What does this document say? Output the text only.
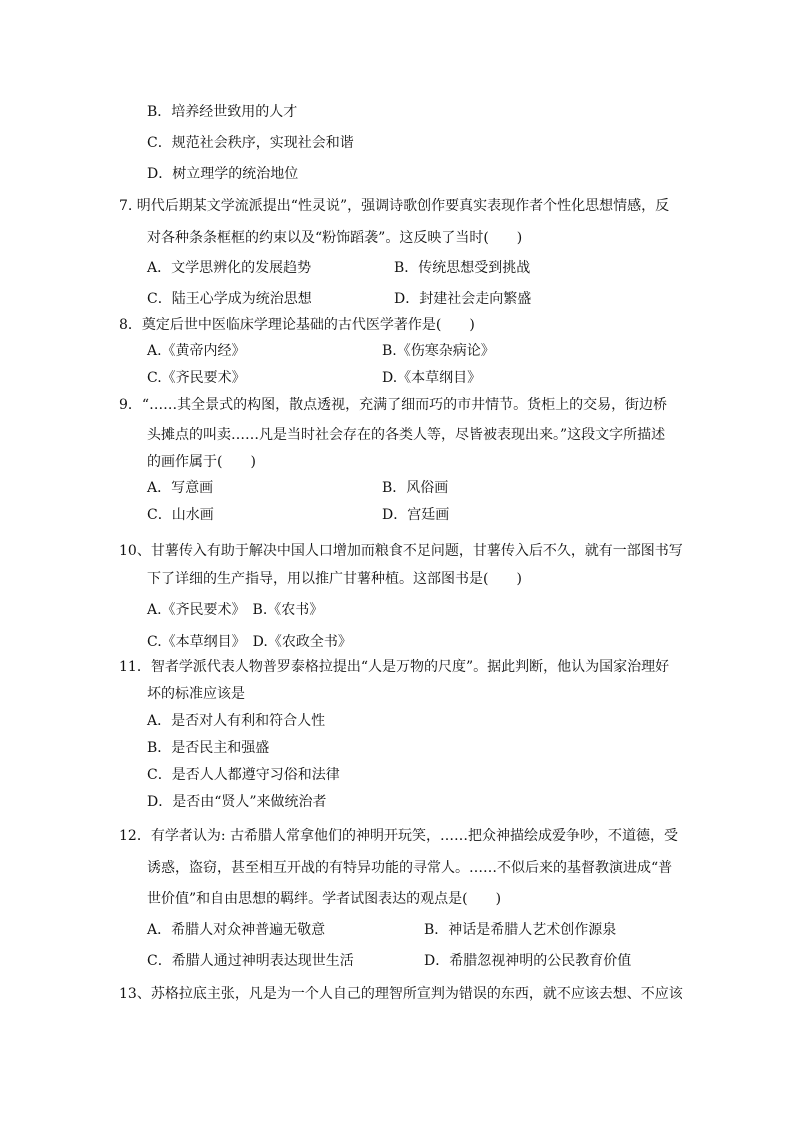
B．培养经世致用的人才
C．规范社会秩序，实现社会和谐
D．树立理学的统治地位
7. 明代后期某文学流派提出“性灵说”，强调诗歌创作要真实表现作者个性化思想情感，反
对各种条条框框的约束以及“粉饰蹈袭”。这反映了当时(　　)
A．文学思辨化的发展趋势	B．传统思想受到挑战
C．陆王心学成为统治思想	D．封建社会走向繁盛
8．奠定后世中医临床学理论基础的古代医学著作是(　　)
A.《黄帝内经》	B.《伤寒杂病论》
C.《齐民要术》	D.《本草纲目》
9．“……其全景式的构图，散点透视，充满了细而巧的市井情节。货柜上的交易，街边桥
头摊点的叫卖……凡是当时社会存在的各类人等，尽皆被表现出来。”这段文字所描述
的画作属于(　　)
A．写意画	B．风俗画
C．山水画	D．宫廷画
10、甘薯传入有助于解决中国人口增加而粮食不足问题，甘薯传入后不久，就有一部图书写
下了详细的生产指导，用以推广甘薯种植。这部图书是(　　)
A.《齐民要术》　B.《农书》
C.《本草纲目》　D.《农政全书》
11．智者学派代表人物普罗泰格拉提出“人是万物的尺度”。据此判断，他认为国家治理好
坏的标准应该是
A．是否对人有利和符合人性
B．是否民主和强盛
C．是否人人都遵守习俗和法律
D．是否由“贤人”来做统治者
12．有学者认为: 古希腊人常拿他们的神明开玩笑，……把众神描绘成爱争吵，不道德，受
诱惑，盗窃，甚至相互开战的有特异功能的寻常人。……不似后来的基督教演进成“普
世价值”和自由思想的羁绊。学者试图表达的观点是(　　)
A．希腊人对众神普遍无敬意	B．神话是希腊人艺术创作源泉
C．希腊人通过神明表达现世生活	D．希腊忽视神明的公民教育价值
13、苏格拉底主张，凡是为一个人自己的理智所宣判为错误的东西，就不应该去想、不应该
